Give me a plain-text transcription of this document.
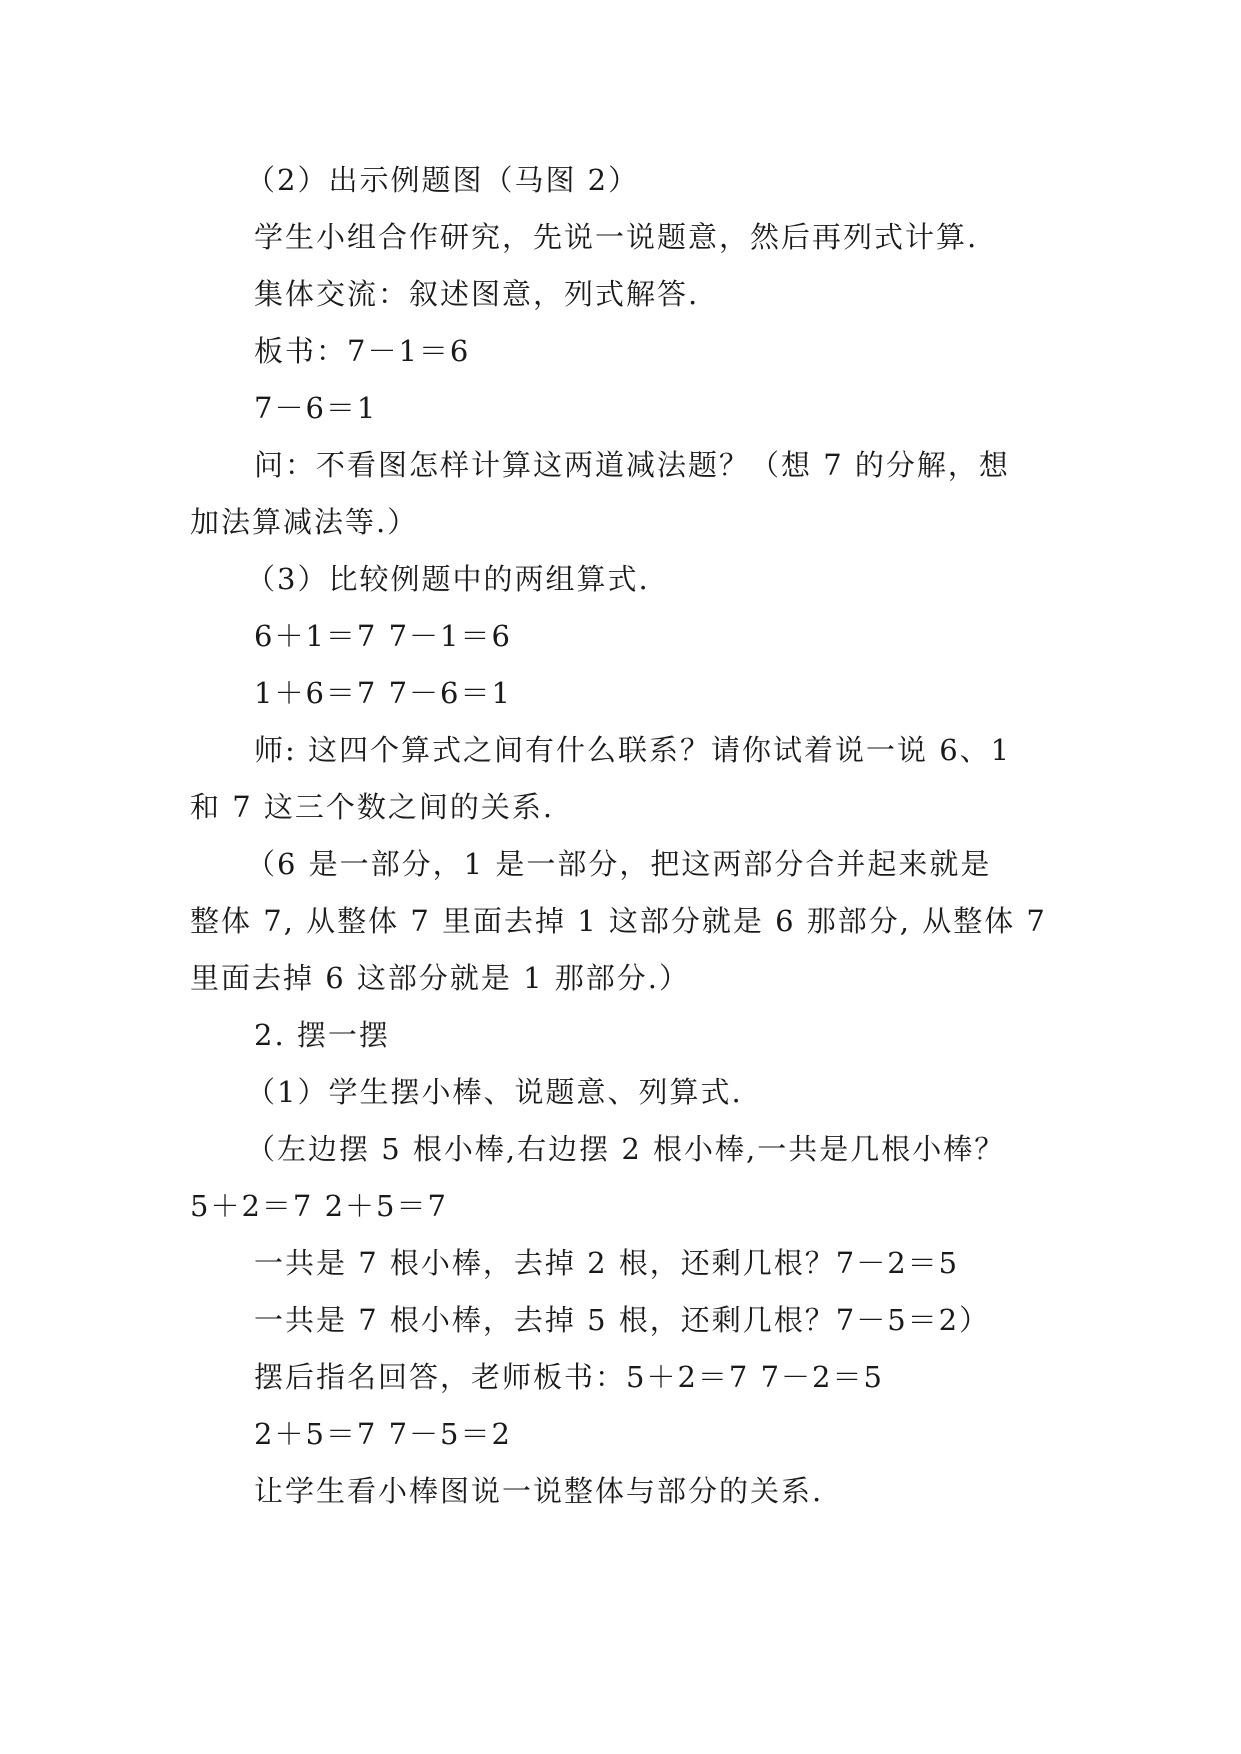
（2）出示例题图（马图 2）
学生小组合作研究，先说一说题意，然后再列式计算.
集体交流：叙述图意，列式解答.
板书：7－1＝6
7－6＝1
问：不看图怎样计算这两道减法题？（想 7 的分解，想
加法算减法等.）
（3）比较例题中的两组算式.
6＋1＝7 7－1＝6
1＋6＝7 7－6＝1
师: 这四个算式之间有什么联系？请你试着说一说 6、1
和 7 这三个数之间的关系.
（6 是一部分，1 是一部分，把这两部分合并起来就是
整体 7, 从整体 7 里面去掉 1 这部分就是 6 那部分, 从整体 7
里面去掉 6 这部分就是 1 那部分.）
2. 摆一摆
（1）学生摆小棒、说题意、列算式.
（左边摆 5 根小棒,右边摆 2 根小棒,一共是几根小棒？
5＋2＝7 2＋5＝7
一共是 7 根小棒，去掉 2 根，还剩几根？7－2＝5
一共是 7 根小棒，去掉 5 根，还剩几根？7－5＝2）
摆后指名回答，老师板书：5＋2＝7 7－2＝5
2＋5＝7 7－5＝2
让学生看小棒图说一说整体与部分的关系.
